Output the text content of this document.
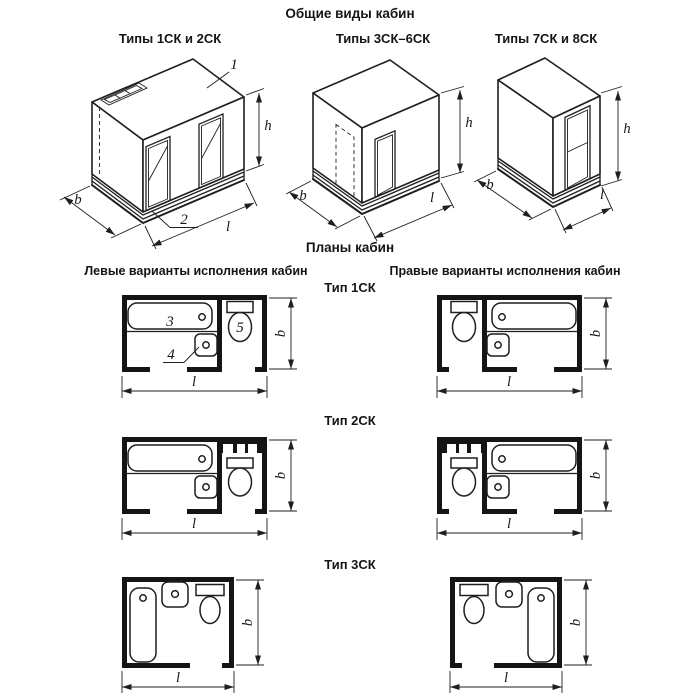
Общие виды кабин
Типы 1СК и 2СК	Типы 3СК–6СК	Типы 7СК и 8СК
Планы кабин
Левые варианты исполнения кабин	Правые варианты исполнения кабин
Тип 1СК
Тип 2СК
Тип 3СК
1
2
b
l
h
b	l
h
b
l
h
3	5
4
b
l
b
l
b
l
b
l
b
l
b
l
